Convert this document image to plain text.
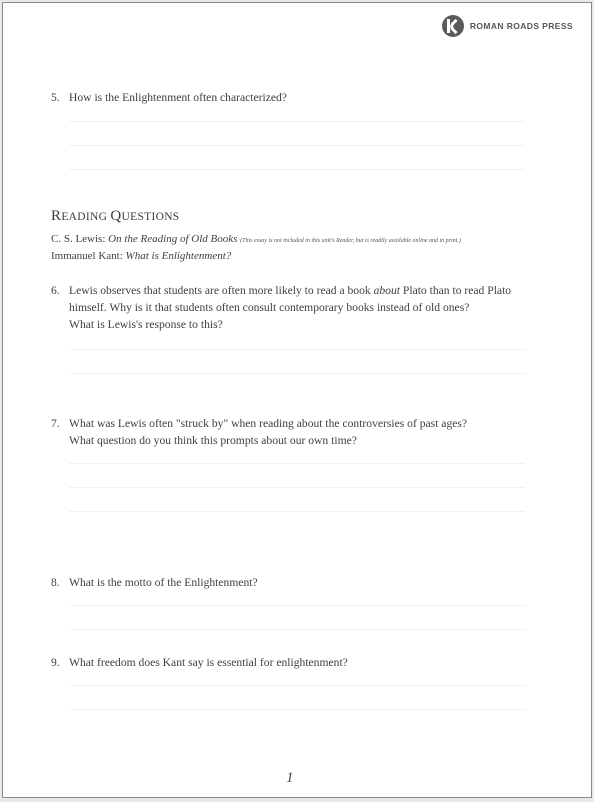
ROMAN ROADS PRESS
5. How is the Enlightenment often characterized?
READING QUESTIONS
C. S. Lewis: On the Reading of Old Books (This essay is not included in this unit's Reader, but is readily available online and in print.)
Immanuel Kant: What is Enlightenment?
6. Lewis observes that students are often more likely to read a book about Plato than to read Plato
himself. Why is it that students often consult contemporary books instead of old ones?
What is Lewis's response to this?
7. What was Lewis often "struck by" when reading about the controversies of past ages?
What question do you think this prompts about our own time?
8. What is the motto of the Enlightenment?
9. What freedom does Kant say is essential for enlightenment?
1
